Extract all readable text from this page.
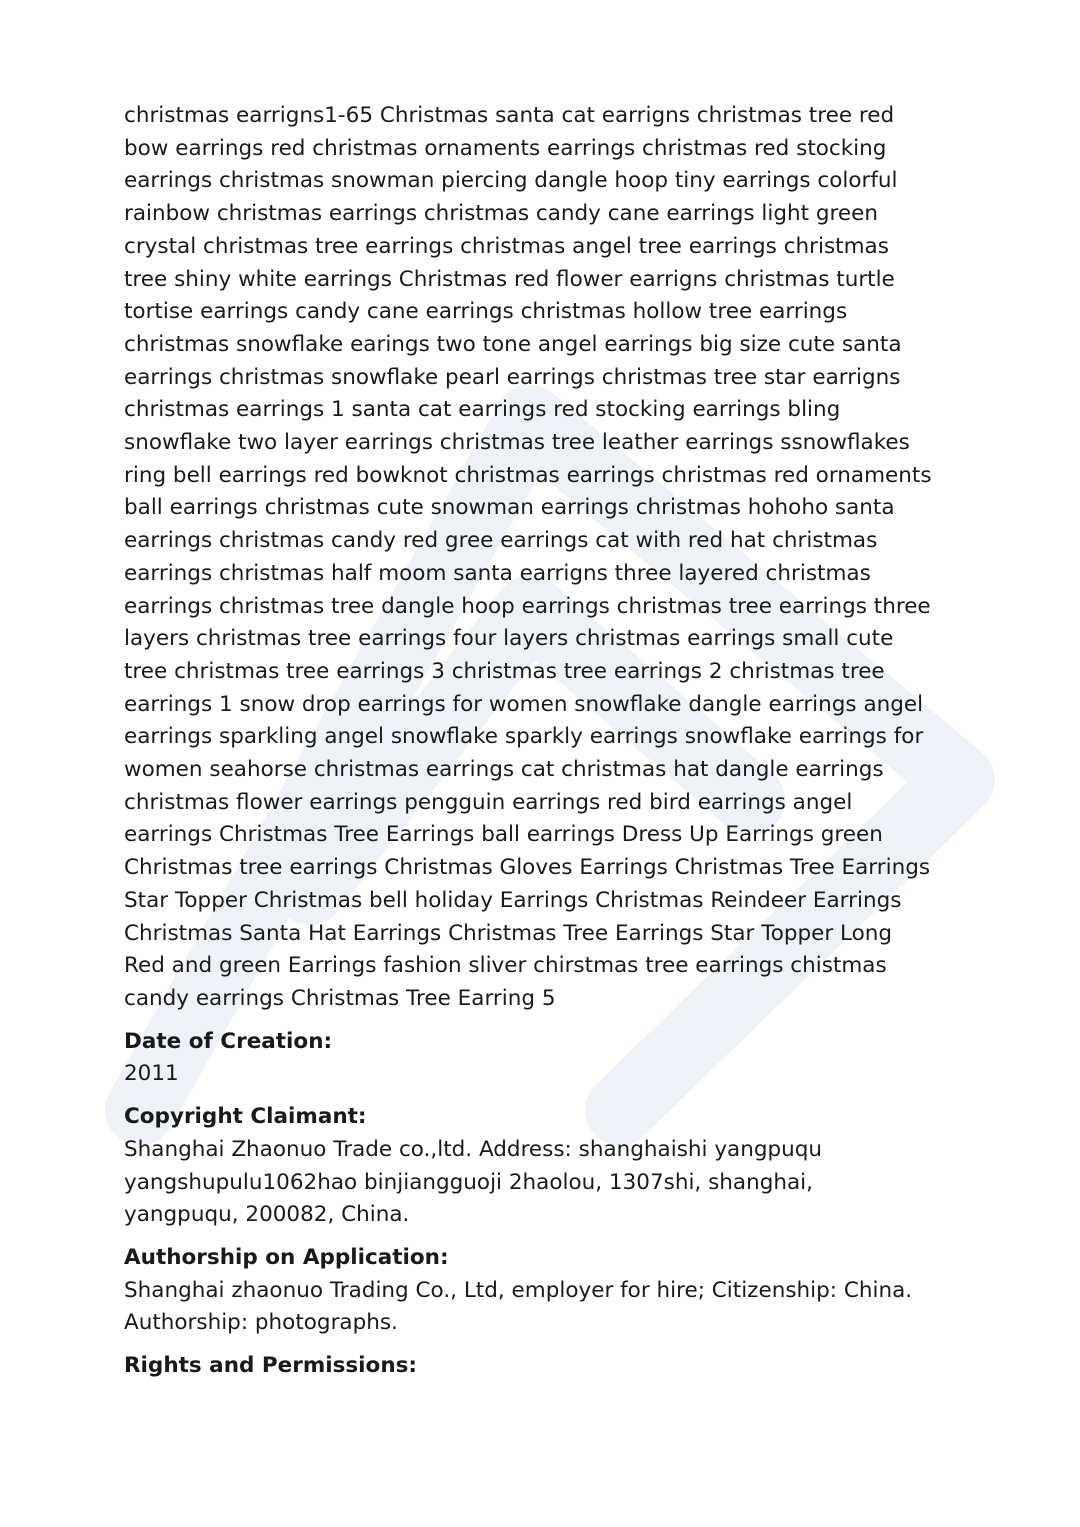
christmas earrigns1-65 Christmas santa cat earrigns christmas tree red bow earrings red christmas ornaments earrings christmas red stocking earrings christmas snowman piercing dangle hoop tiny earrings colorful rainbow christmas earrings christmas candy cane earrings light green crystal christmas tree earrings christmas angel tree earrings christmas tree shiny white earrings Christmas red flower earrigns christmas turtle tortise earrings candy cane earrings christmas hollow tree earrings christmas snowflake earings two tone angel earrings big size cute santa earrings christmas snowflake pearl earrings christmas tree star earrigns christmas earrings 1 santa cat earrings red stocking earrings bling snowflake two layer earrings christmas tree leather earrings ssnowflakes ring bell earrings red bowknot christmas earrings christmas red ornaments ball earrings christmas cute snowman earrings christmas hohoho santa earrings christmas candy red gree earrings cat with red hat christmas earrings christmas half moom santa earrigns three layered christmas earrings christmas tree dangle hoop earrings christmas tree earrings three layers christmas tree earrings four layers christmas earrings small cute tree christmas tree earrings 3 christmas tree earrings 2 christmas tree earrings 1 snow drop earrings for women snowflake dangle earrings angel earrings sparkling angel snowflake sparkly earrings snowflake earrings for women seahorse christmas earrings cat christmas hat dangle earrings christmas flower earrings pengguin earrings red bird earrings angel earrings Christmas Tree Earrings ball earrings Dress Up Earrings green Christmas tree earrings Christmas Gloves Earrings Christmas Tree Earrings Star Topper Christmas bell holiday Earrings Christmas Reindeer Earrings Christmas Santa Hat Earrings Christmas Tree Earrings Star Topper Long Red and green Earrings fashion sliver chirstmas tree earrings chistmas candy earrings Christmas Tree Earring 5

Date of Creation:

2011

Copyright Claimant:

Shanghai Zhaonuo Trade co.,ltd. Address: shanghaishi yangpuqu yangshupulu1062hao binjiangguoji 2haolou, 1307shi, shanghai, yangpuqu, 200082, China.

Authorship on Application:

Shanghai zhaonuo Trading Co., Ltd, employer for hire; Citizenship: China. Authorship: photographs.

Rights and Permissions:
